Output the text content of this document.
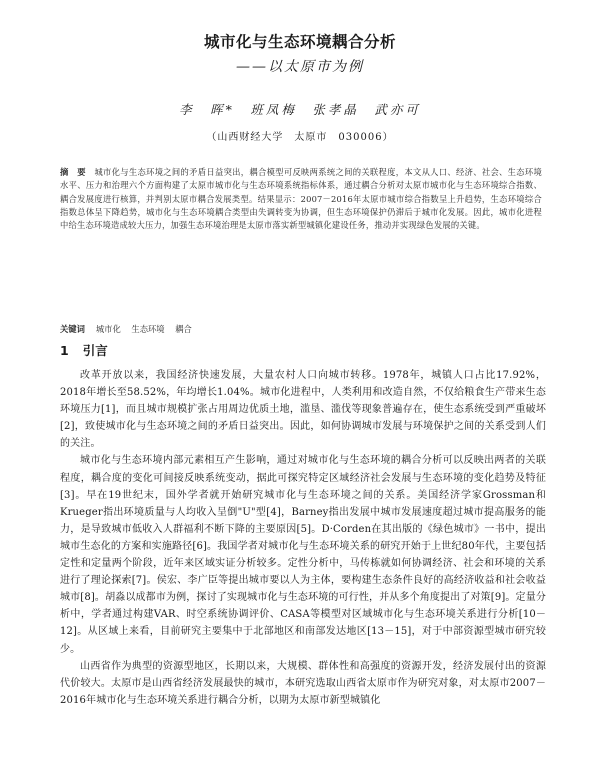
城市化与生态环境耦合分析
——以太原市为例
李　晖*　班凤梅　张孝晶　武亦可
（山西财经大学　太原市　030006）
摘　要　 城市化与生态环境之间的矛盾日益突出，耦合模型可反映两系统之间的关联程度，本文从人口、经济、社会、生态环境水平、压力和治理六个方面构建了太原市城市化与生态环境系统指标体系，通过耦合分析对太原市城市化与生态环境综合指数、耦合发展度进行核算，并判别太原市耦合发展类型。结果显示：2007－2016年太原市城市综合指数呈上升趋势，生态环境综合指数总体呈下降趋势，城市化与生态环境耦合类型由失调转变为协调，但生态环境保护仍滞后于城市化发展。因此，城市化进程中给生态环境造成较大压力，加强生态环境治理是太原市落实新型城镇化建设任务，推动并实现绿色发展的关键。
关键词　 城市化 生态环境 耦合
1 引言

改革开放以来，我国经济快速发展，大量农村人口向城市转移。1978年，城镇人口占比17.92%，2018年增长至58.52%，年均增长1.04%。城市化进程中，人类利用和改造自然，不仅给粮食生产带来生态环境压力[1]，而且城市规模扩张占用周边优质土地，滥垦、滥伐等现象普遍存在，使生态系统受到严重破坏[2]，致使城市化与生态环境之间的矛盾日益突出。因此，如何协调城市发展与环境保护之间的关系受到人们的关注。

城市化与生态环境内部元素相互产生影响，通过对城市化与生态环境的耦合分析可以反映出两者的关联程度，耦合度的变化可间接反映系统变动，据此可探究特定区域经济社会发展与生态环境的变化趋势及特征[3]。早在19世纪末，国外学者就开始研究城市化与生态环境之间的关系。美国经济学家Grossman和Krueger指出环境质量与人均收入呈倒"U"型[4]，Barney指出发展中城市发展速度超过城市提高服务的能力，是导致城市低收入人群福利不断下降的主要原因[5]。D·Corden在其出版的《绿色城市》一书中，提出城市生态化的方案和实施路径[6]。我国学者对城市化与生态环境关系的研究开始于上世纪80年代，主要包括定性和定量两个阶段，近年来区域实证分析较多。定性分析中，马传栋就如何协调经济、社会和环境的关系进行了理论探索[7]。侯宏、李广臣等提出城市要以人为主体，要构建生态条件良好的高经济收益和社会收益城市[8]。胡淼以成都市为例，探讨了实现城市化与生态环境的可行性，并从多个角度提出了对策[9]。定量分析中，学者通过构建VAR、时空系统协调评价、CASA等模型对区域城市化与生态环境关系进行分析[10－12]。从区域上来看，目前研究主要集中于北部地区和南部发达地区[13－15]，对于中部资源型城市研究较少。

山西省作为典型的资源型地区，长期以来，大规模、群体性和高强度的资源开发，经济发展付出的资源代价较大。太原市是山西省经济发展最快的城市，本研究选取山西省太原市作为研究对象，对太原市2007－2016年城市化与生态环境关系进行耦合分析，以期为太原市新型城镇化
